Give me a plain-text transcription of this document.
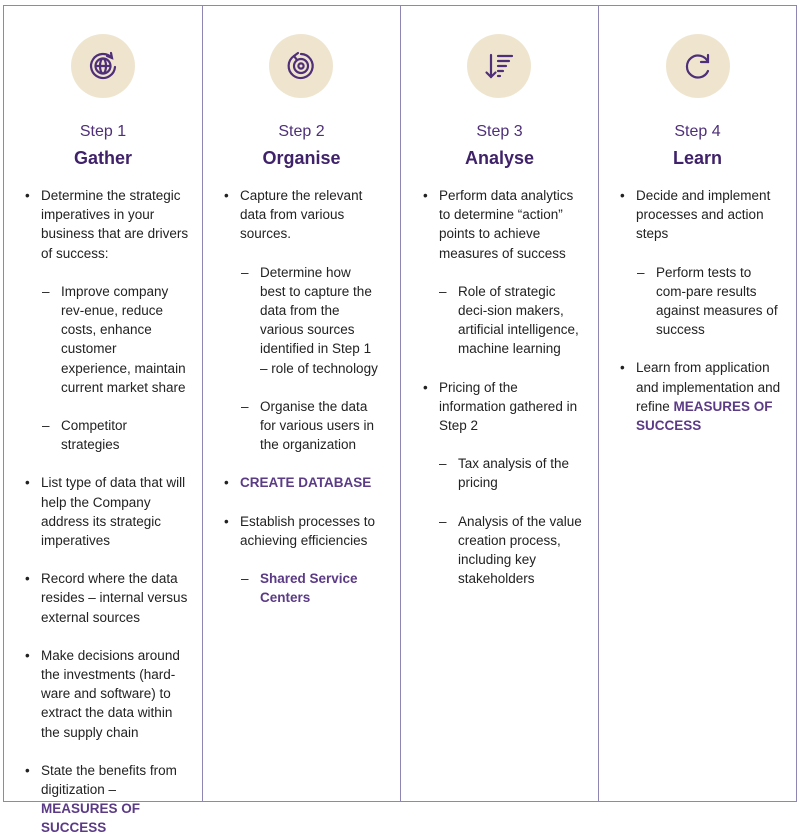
Step 1
Gather
• Determine the strategic imperatives in your business that are drivers of success:
– Improve company rev-enue, reduce costs, enhance customer experience, maintain current market share
– Competitor strategies
• List type of data that will help the Company address its strategic imperatives
• Record where the data resides – internal versus external sources
• Make decisions around the investments (hard-ware and software) to extract the data within the supply chain
• State the benefits from digitization – MEASURES OF SUCCESS
Step 2
Organise
• Capture the relevant data from various sources.
– Determine how best to capture the data from the various sources identified in Step 1 – role of technology
– Organise the data for various users in the organization
• CREATE DATABASE
• Establish processes to achieving efficiencies
– Shared Service Centers
Step 3
Analyse
• Perform data analytics to determine “action” points to achieve measures of success
– Role of strategic deci-sion makers, artificial intelligence, machine learning
• Pricing of the information gathered in Step 2
– Tax analysis of the pricing
– Analysis of the value creation process, including key stakeholders
Step 4
Learn
• Decide and implement processes and action steps
– Perform tests to com-pare results against measures of success
• Learn from application and implementation and refine MEASURES OF SUCCESS
